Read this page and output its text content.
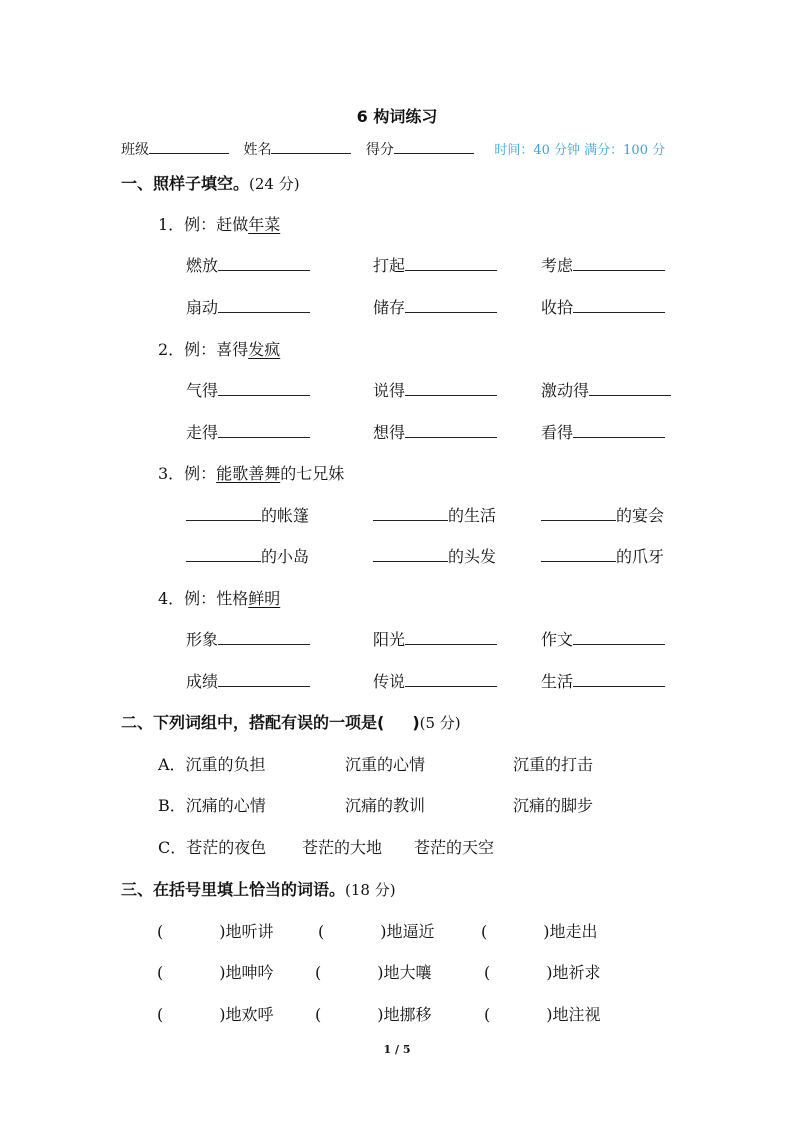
6 构词练习
班级	姓名	得分	时间：40 分钟 满分：100 分
一、照样子填空。(24 分)
1．例：赶做年菜
燃放	打起	考虑
扇动	储存	收拾
2．例：喜得发疯
气得	说得	激动得
走得	想得	看得
3．例：能歌善舞的七兄妹
的帐篷	的生活	的宴会
的小岛	的头发	的爪牙
4．例：性格鲜明
形象	阳光	作文
成绩	传说	生活
二、下列词组中，搭配有误的一项是( )(5 分)
A．沉重的负担	沉重的心情	沉重的打击
B．沉痛的心情	沉痛的教训	沉痛的脚步
C．苍茫的夜色 苍茫的大地 苍茫的天空
三、在括号里填上恰当的词语。(18 分)
(	)地听讲	(	)地逼近	(	)地走出
(	)地呻吟	(	)地大嚷	(	)地祈求
(	)地欢呼	(	)地挪移	(	)地注视
1 / 5
